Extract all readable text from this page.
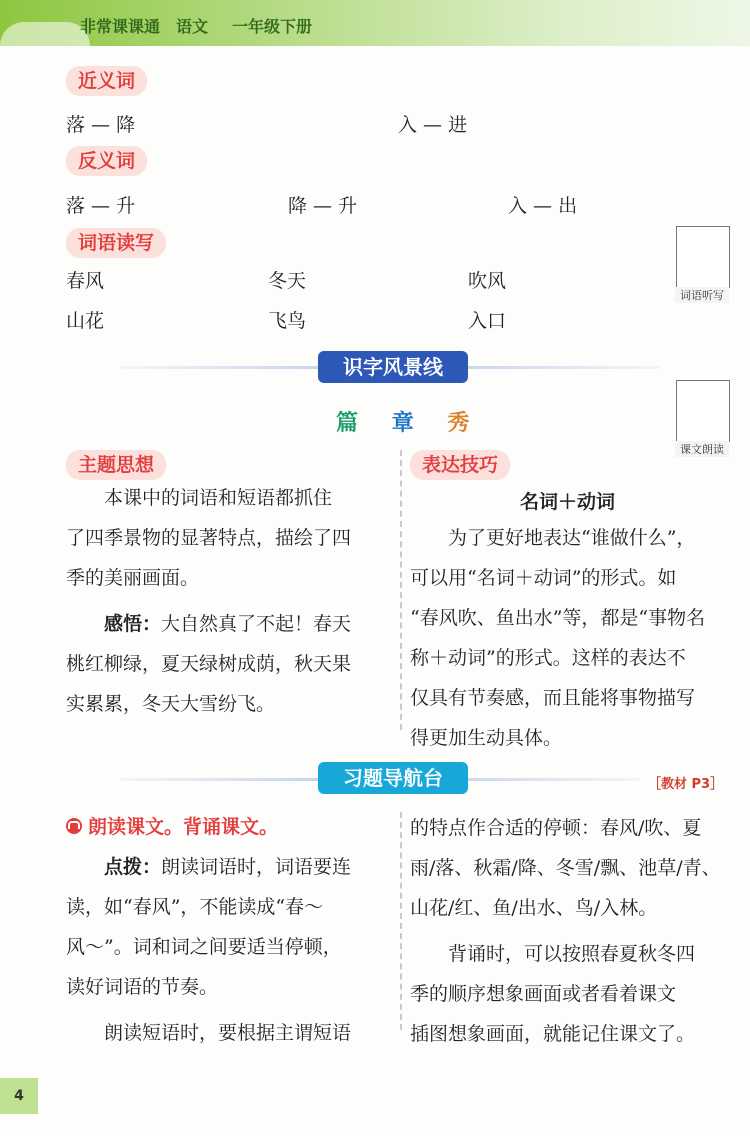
非常课课通 语文 一年级下册
近义词
落 — 降	入 — 进
反义词
落 — 升	降 — 升	入 — 出
词语读写
春风	冬天	吹风
山花	飞鸟	入口
词语听写
识字风景线
课文朗读
篇 章 秀
主题思想

本课中的词语和短语都抓住

了四季景物的显著特点，描绘了四

季的美丽画面。

感悟：大自然真了不起！春天

桃红柳绿，夏天绿树成荫，秋天果

实累累，冬天大雪纷飞。

表达技巧
名词＋动词

为了更好地表达“谁做什么”，

可以用“名词＋动词”的形式。如

“春风吹、鱼出水”等，都是“事物名

称＋动词”的形式。这样的表达不

仅具有节奏感，而且能将事物描写

得更加生动具体。

习题导航台	［教材 P3］
朗读课文。背诵课文。

点拨：朗读词语时，词语要连

读，如“春风”，不能读成“春～

风～”。词和词之间要适当停顿，

读好词语的节奏。

朗读短语时，要根据主谓短语

的特点作合适的停顿：春风/吹、夏

雨/落、秋霜/降、冬雪/飘、池草/青、

山花/红、鱼/出水、鸟/入林。

背诵时，可以按照春夏秋冬四

季的顺序想象画面或者看着课文

插图想象画面，就能记住课文了。

4
